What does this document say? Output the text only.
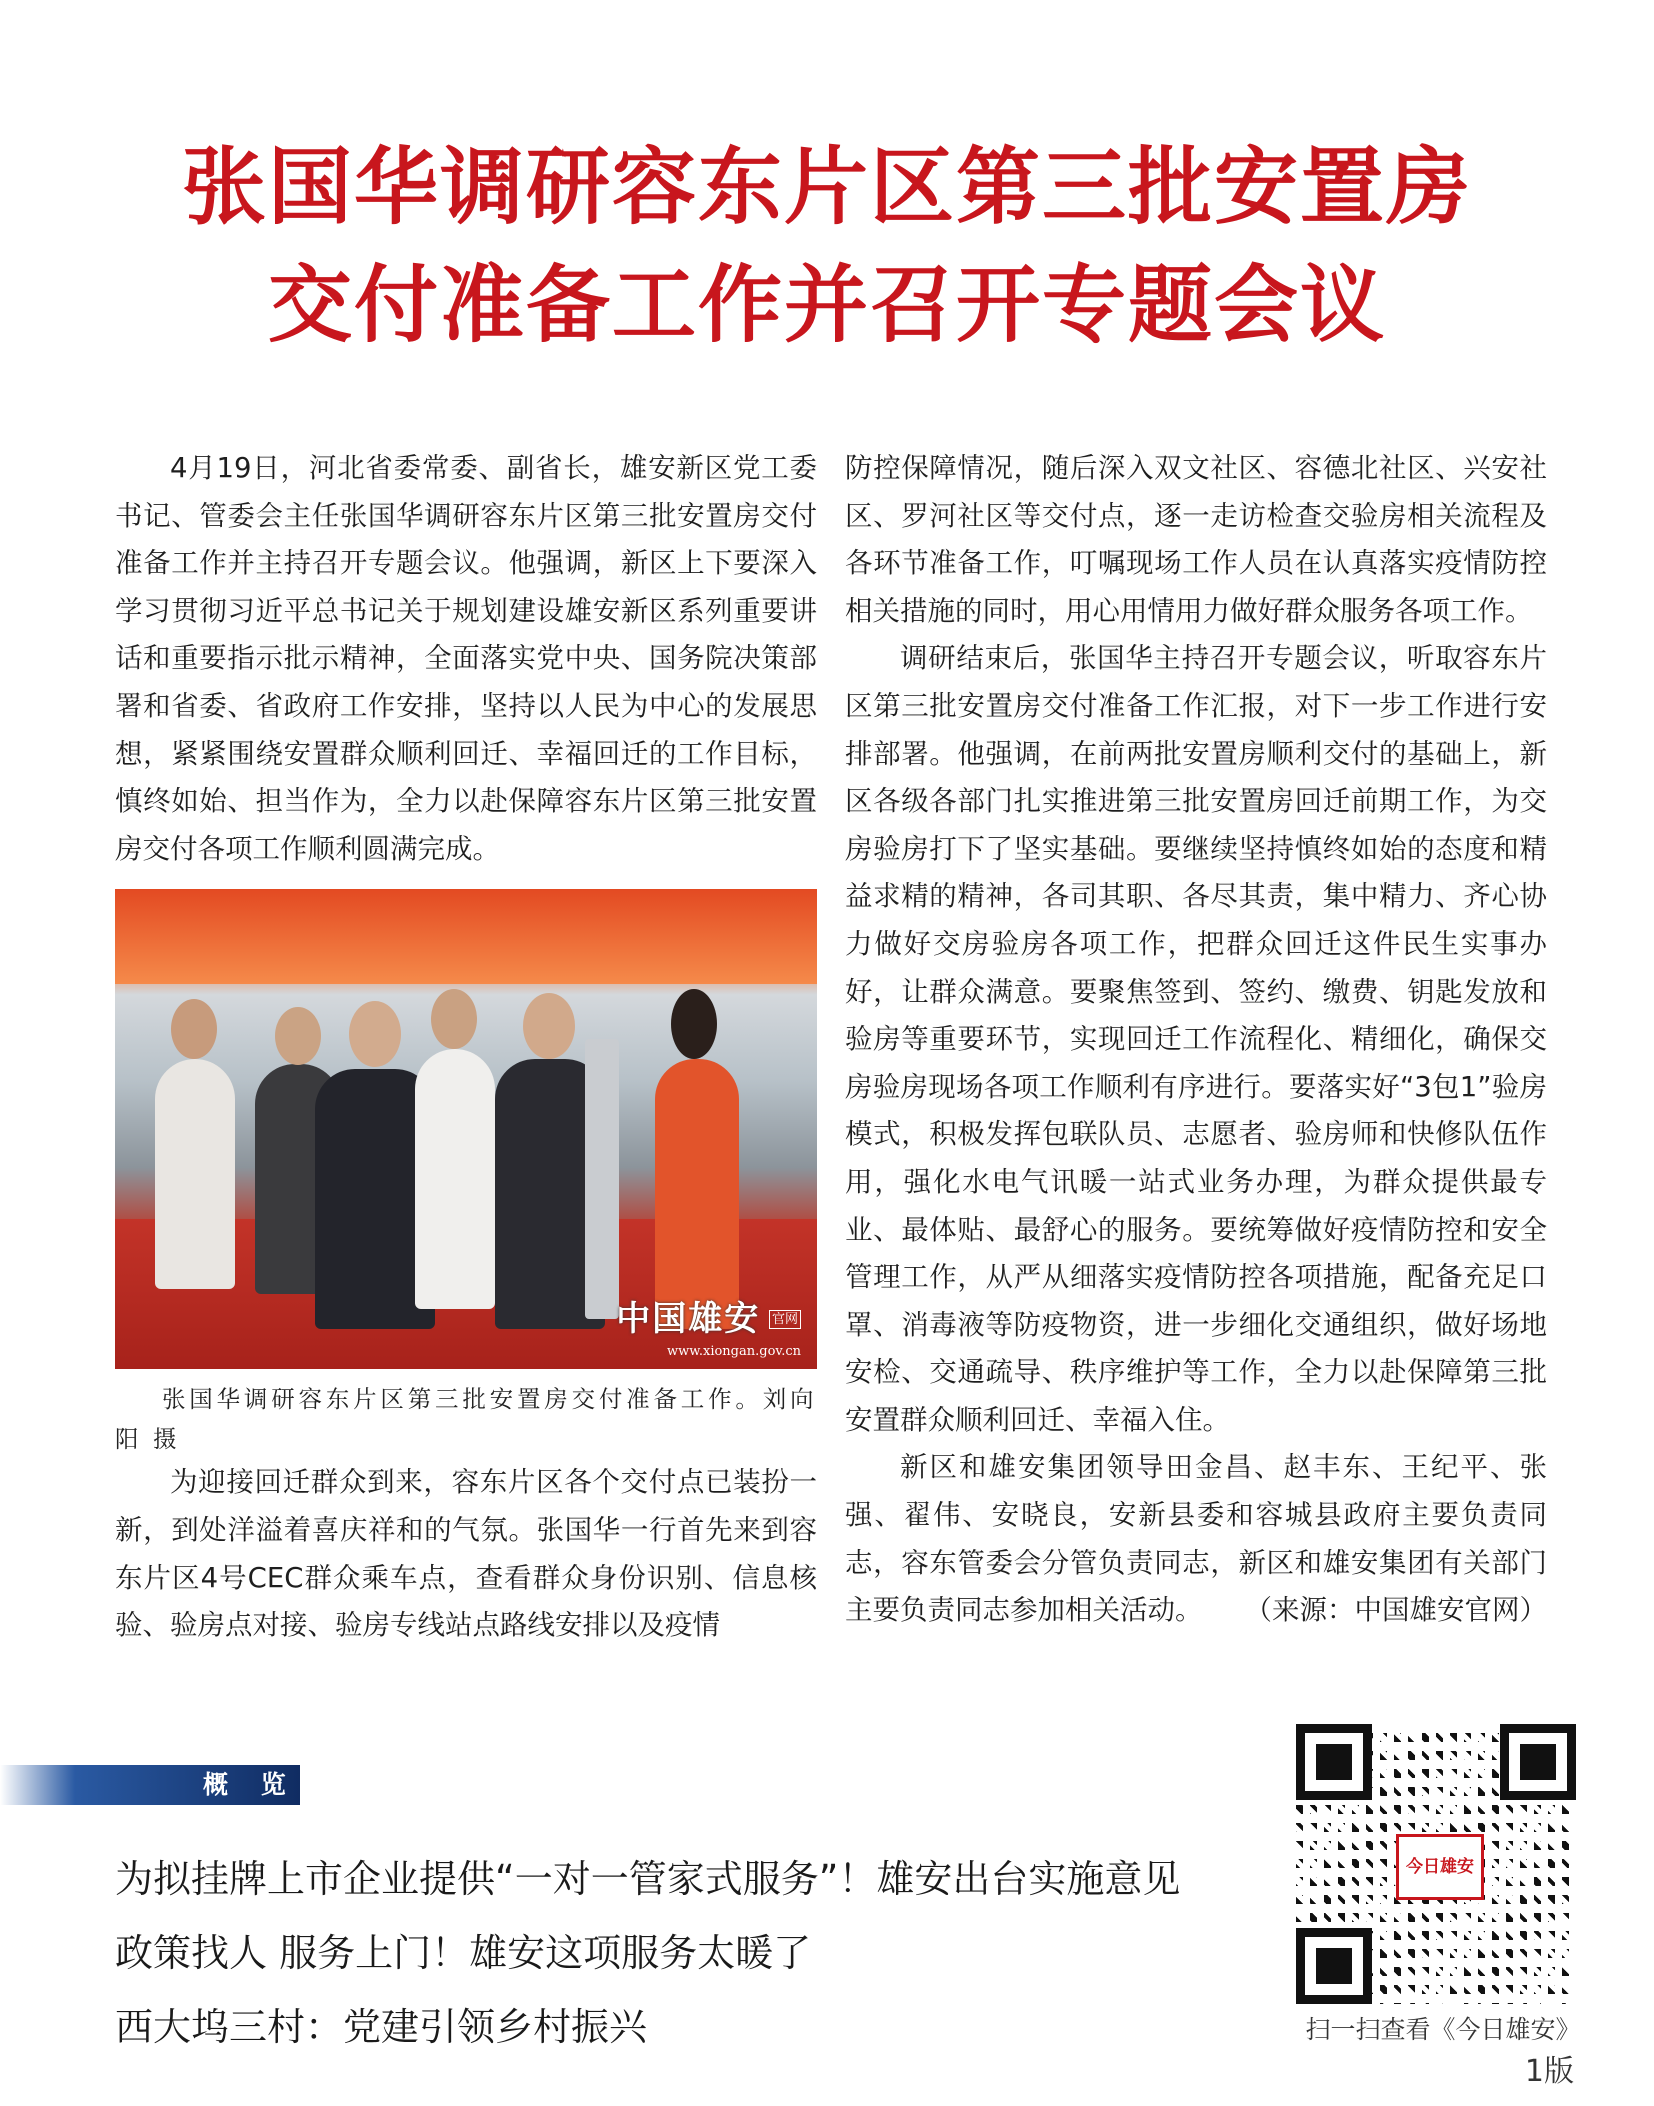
张国华调研容东片区第三批安置房
交付准备工作并召开专题会议

4月19日，河北省委常委、副省长，雄安新区党工委书记、管委会主任张国华调研容东片区第三批安置房交付准备工作并主持召开专题会议。他强调，新区上下要深入学习贯彻习近平总书记关于规划建设雄安新区系列重要讲话和重要指示批示精神，全面落实党中央、国务院决策部署和省委、省政府工作安排，坚持以人民为中心的发展思想，紧紧围绕安置群众顺利回迁、幸福回迁的工作目标，慎终如始、担当作为，全力以赴保障容东片区第三批安置房交付各项工作顺利圆满完成。

中国雄安 $^{官网}$
www.xiongan.gov.cn

张国华调研容东片区第三批安置房交付准备工作。刘向阳 摄

为迎接回迁群众到来，容东片区各个交付点已装扮一新，到处洋溢着喜庆祥和的气氛。张国华一行首先来到容东片区4号CEC群众乘车点，查看群众身份识别、信息核验、验房点对接、验房专线站点路线安排以及疫情

防控保障情况，随后深入双文社区、容德北社区、兴安社区、罗河社区等交付点，逐一走访检查交验房相关流程及各环节准备工作，叮嘱现场工作人员在认真落实疫情防控相关措施的同时，用心用情用力做好群众服务各项工作。

调研结束后，张国华主持召开专题会议，听取容东片区第三批安置房交付准备工作汇报，对下一步工作进行安排部署。他强调，在前两批安置房顺利交付的基础上，新区各级各部门扎实推进第三批安置房回迁前期工作，为交房验房打下了坚实基础。要继续坚持慎终如始的态度和精益求精的精神，各司其职、各尽其责，集中精力、齐心协力做好交房验房各项工作，把群众回迁这件民生实事办好，让群众满意。要聚焦签到、签约、缴费、钥匙发放和验房等重要环节，实现回迁工作流程化、精细化，确保交房验房现场各项工作顺利有序进行。要落实好“3包1”验房模式，积极发挥包联队员、志愿者、验房师和快修队伍作用，强化水电气讯暖一站式业务办理，为群众提供最专业、最体贴、最舒心的服务。要统筹做好疫情防控和安全管理工作，从严从细落实疫情防控各项措施，配备充足口罩、消毒液等防疫物资，进一步细化交通组织，做好场地安检、交通疏导、秩序维护等工作，全力以赴保障第三批安置群众顺利回迁、幸福入住。

新区和雄安集团领导田金昌、赵丰东、王纪平、张强、翟伟、安晓良，安新县委和容城县政府主要负责同志，容东管委会分管负责同志，新区和雄安集团有关部门主要负责同志参加相关活动。 （来源：中国雄安官网）

概 览
为拟挂牌上市企业提供“一对一管家式服务”！雄安出台实施意见
政策找人 服务上门！雄安这项服务太暖了
西大坞三村：党建引领乡村振兴
今日雄安
扫一扫查看《今日雄安》
1版
